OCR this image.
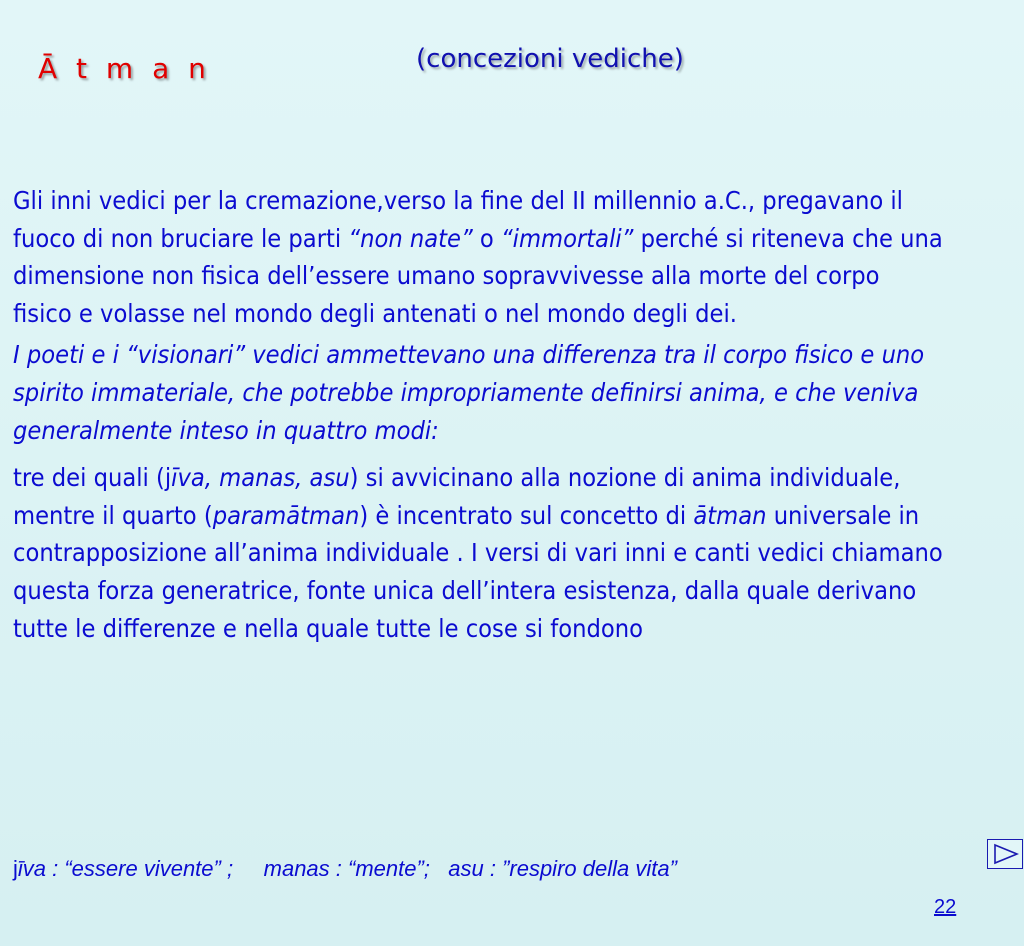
Ā t m a n	(concezioni vediche)

Gli inni vedici per la cremazione,verso la fine del II millennio a.C., pregavano il fuoco di non bruciare le parti “non nate” o “immortali” perché si riteneva che una dimensione non fisica dell’essere umano sopravvivesse alla morte del corpo fisico e volasse nel mondo degli antenati o nel mondo degli dei.

I poeti e i “visionari” vedici ammettevano una differenza tra il corpo fisico e uno spirito immateriale, che potrebbe impropriamente definirsi anima, e che veniva generalmente inteso in quattro modi:

tre dei quali (jīva, manas, asu) si avvicinano alla nozione di anima individuale, mentre il quarto (paramātman) è incentrato sul concetto di ātman universale in contrapposizione all’anima individuale . I versi di vari inni e canti vedici chiamano questa forza generatrice, fonte unica dell’intera esistenza, dalla quale derivano tutte le differenze e nella quale tutte le cose si fondono

jīva : “essere vivente” ;     manas : “mente”;   asu : ”respiro della vita”
22
